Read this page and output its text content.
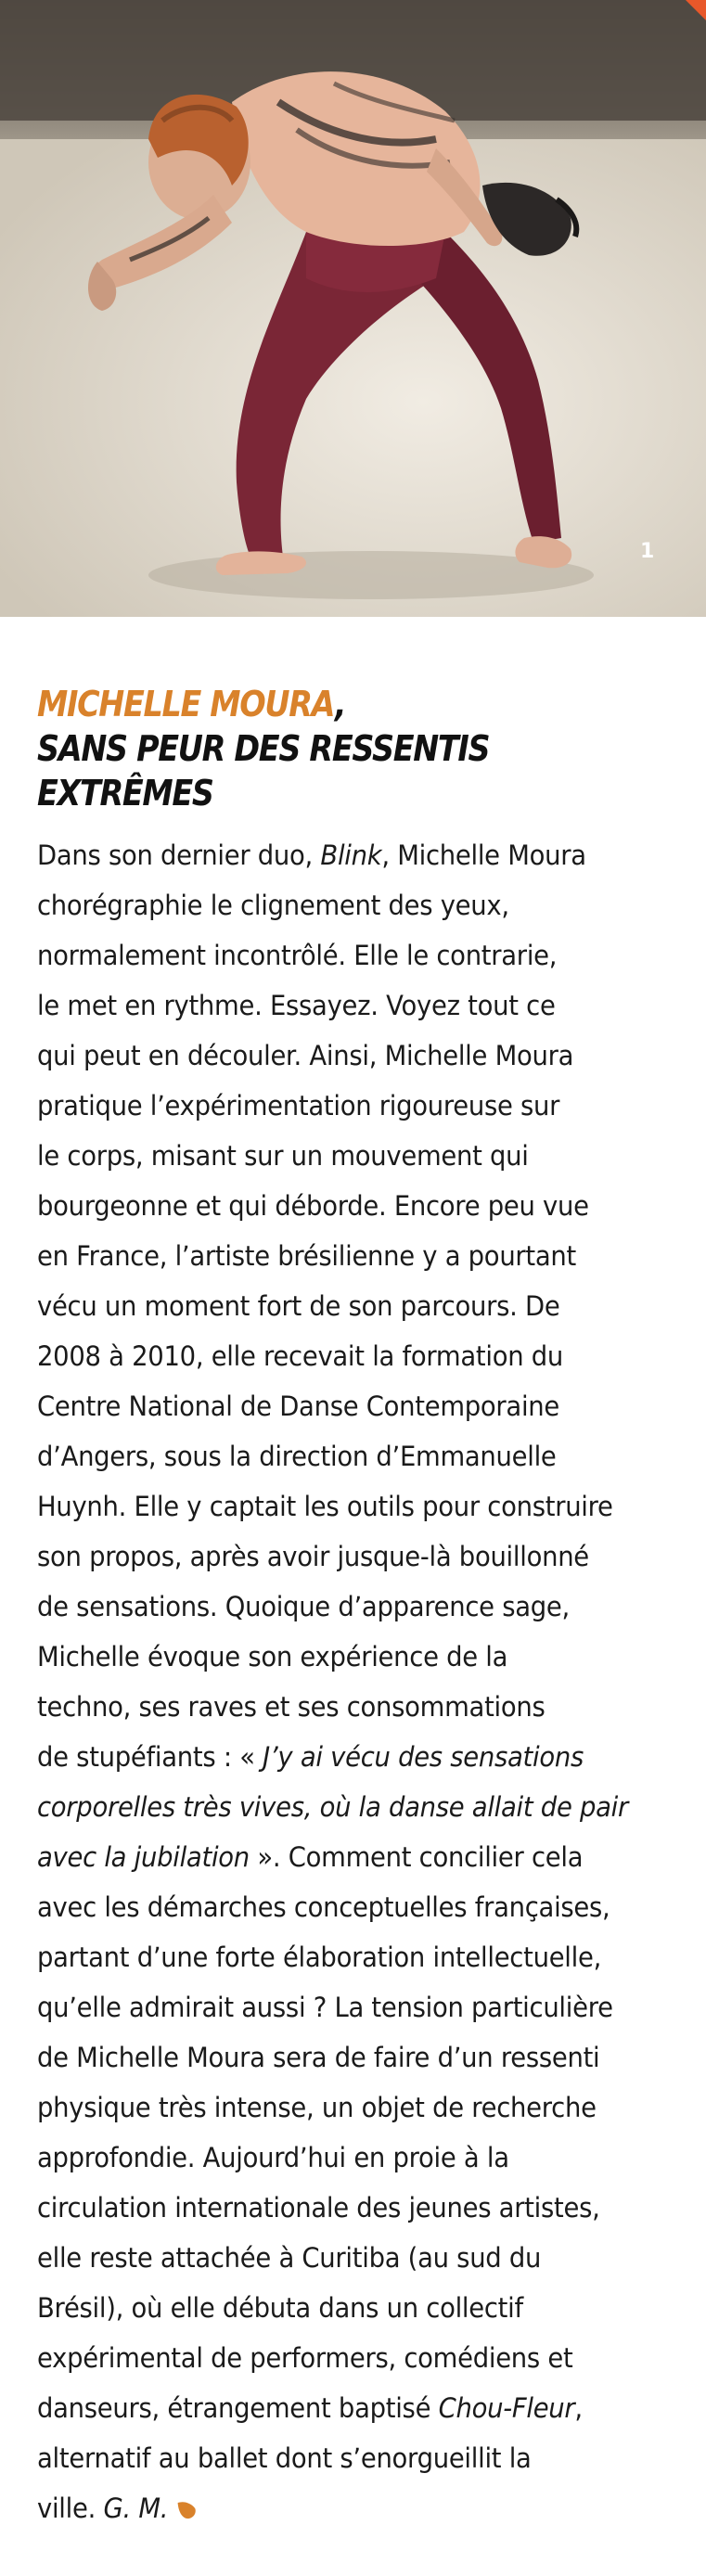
1
MICHELLE MOURA,
SANS PEUR DES RESSENTIS EXTRÊMES
Dans son dernier duo, Blink, Michelle Moura
chorégraphie le clignement des yeux,
normalement incontrôlé. Elle le contrarie,
le met en rythme. Essayez. Voyez tout ce
qui peut en découler. Ainsi, Michelle Moura
pratique l’expérimentation rigoureuse sur
le corps, misant sur un mouvement qui
bourgeonne et qui déborde. Encore peu vue
en France, l’artiste brésilienne y a pourtant
vécu un moment fort de son parcours. De
2008 à 2010, elle recevait la formation du
Centre National de Danse Contemporaine
d’Angers, sous la direction d’Emmanuelle
Huynh. Elle y captait les outils pour construire
son propos, après avoir jusque-là bouillonné
de sensations. Quoique d’apparence sage,
Michelle évoque son expérience de la
techno, ses raves et ses consommations
de stupéfiants : « J’y ai vécu des sensations
corporelles très vives, où la danse allait de pair
avec la jubilation ». Comment concilier cela
avec les démarches conceptuelles françaises,
partant d’une forte élaboration intellectuelle,
qu’elle admirait aussi ? La tension particulière
de Michelle Moura sera de faire d’un ressenti
physique très intense, un objet de recherche
approfondie. Aujourd’hui en proie à la
circulation internationale des jeunes artistes,
elle reste attachée à Curitiba (au sud du
Brésil), où elle débuta dans un collectif
expérimental de performers, comédiens et
danseurs, étrangement baptisé Chou-Fleur,
alternatif au ballet dont s’enorgueillit la
ville. G. M.
